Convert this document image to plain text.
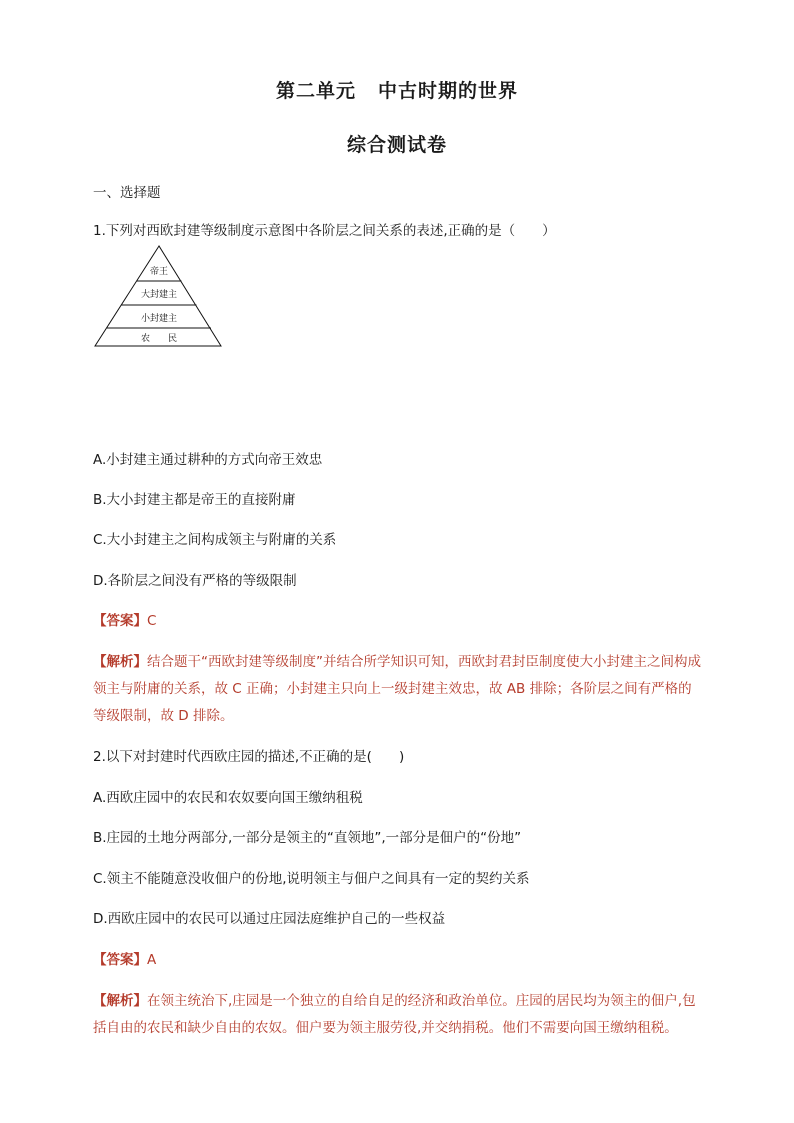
第二单元 中古时期的世界
综合测试卷
一、选择题
1.下列对西欧封建等级制度示意图中各阶层之间关系的表述,正确的是（　　）
帝王
大封建主
小封建主
农　　民
A.小封建主通过耕种的方式向帝王效忠
B.大小封建主都是帝王的直接附庸
C.大小封建主之间构成领主与附庸的关系
D.各阶层之间没有严格的等级限制
【答案】C
【解析】结合题干“西欧封建等级制度”并结合所学知识可知，西欧封君封臣制度使大小封建主之间构成领主与附庸的关系，故 C 正确；小封建主只向上一级封建主效忠，故 AB 排除；各阶层之间有严格的等级限制，故 D 排除。
2.以下对封建时代西欧庄园的描述,不正确的是(　　)
A.西欧庄园中的农民和农奴要向国王缴纳租税
B.庄园的土地分两部分,一部分是领主的“直领地”,一部分是佃户的“份地”
C.领主不能随意没收佃户的份地,说明领主与佃户之间具有一定的契约关系
D.西欧庄园中的农民可以通过庄园法庭维护自己的一些权益
【答案】A
【解析】在领主统治下,庄园是一个独立的自给自足的经济和政治单位。庄园的居民均为领主的佃户,包括自由的农民和缺少自由的农奴。佃户要为领主服劳役,并交纳捐税。他们不需要向国王缴纳租税。
